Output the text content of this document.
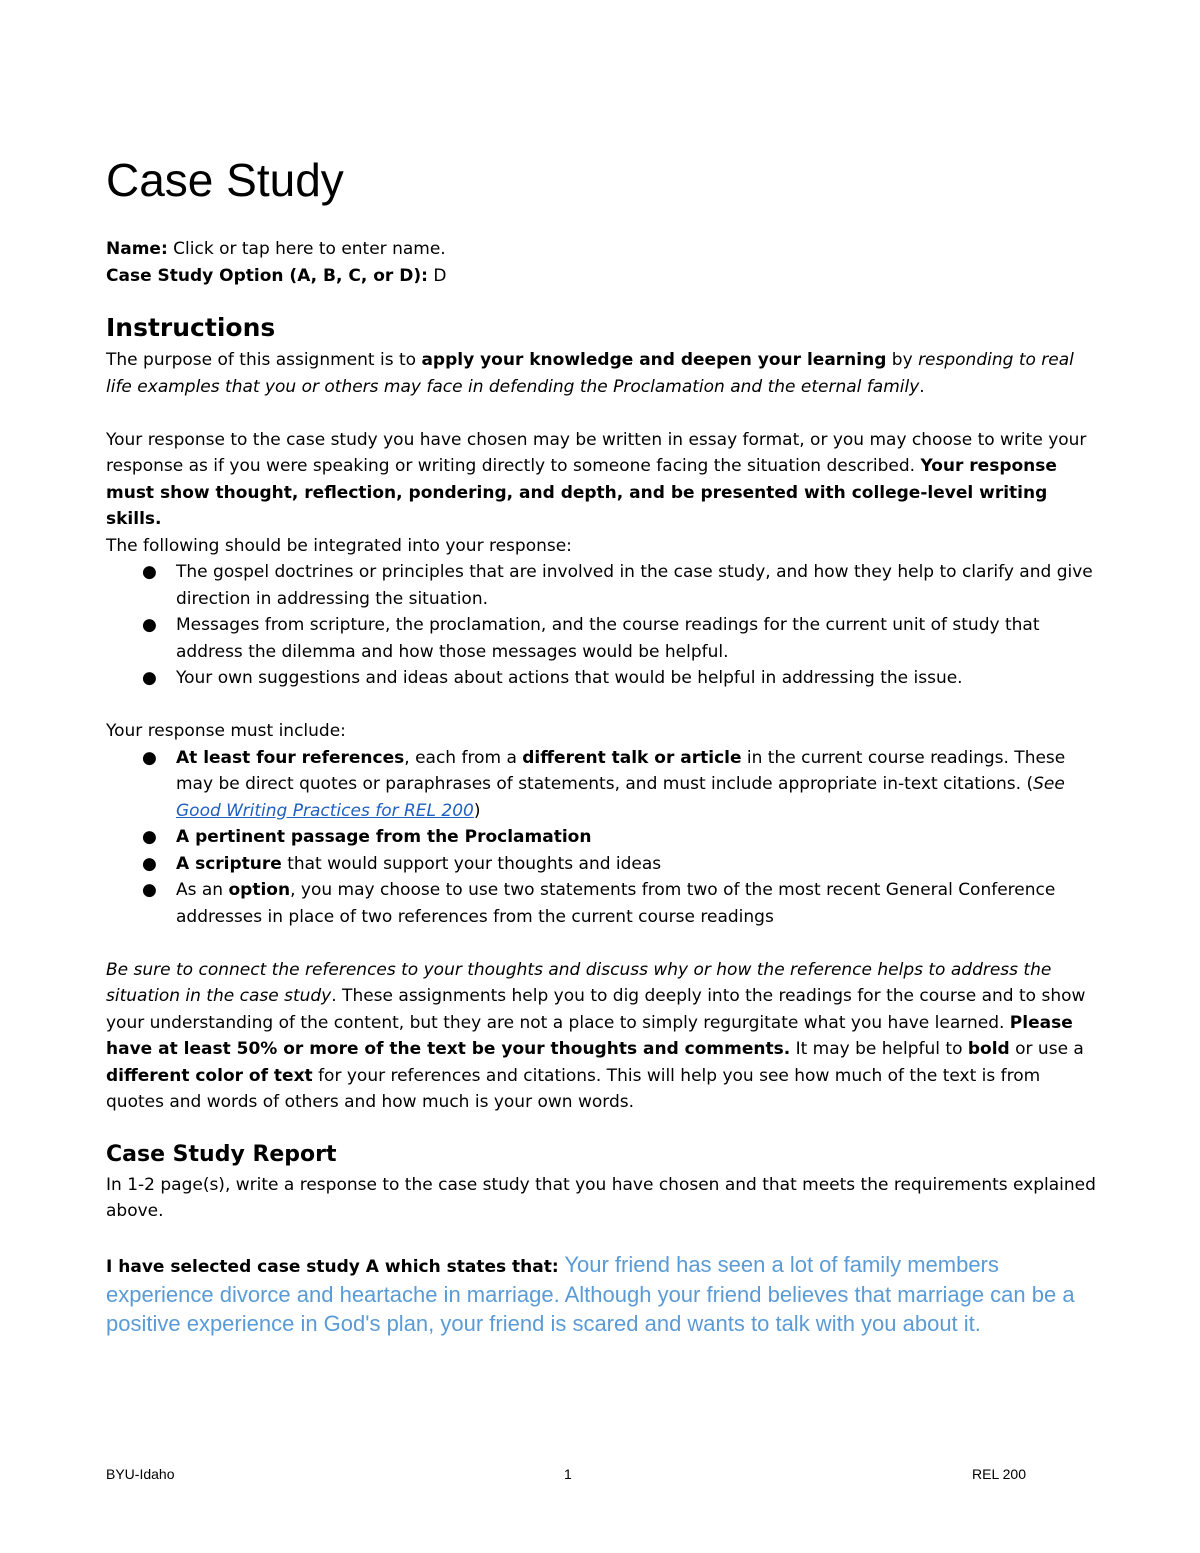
Case Study

Name: Click or tap here to enter name.

Case Study Option (A, B, C, or D): D

Instructions

The purpose of this assignment is to apply your knowledge and deepen your learning by responding to real life examples that you or others may face in defending the Proclamation and the eternal family.

Your response to the case study you have chosen may be written in essay format, or you may choose to write your response as if you were speaking or writing directly to someone facing the situation described. Your response must show thought, reflection, pondering, and depth, and be presented with college-level writing skills.

The following should be integrated into your response:

● The gospel doctrines or principles that are involved in the case study, and how they help to clarify and give direction in addressing the situation.
● Messages from scripture, the proclamation, and the course readings for the current unit of study that address the dilemma and how those messages would be helpful.
● Your own suggestions and ideas about actions that would be helpful in addressing the issue.

Your response must include:

● At least four references, each from a different talk or article in the current course readings. These may be direct quotes or paraphrases of statements, and must include appropriate in-text citations. (See Good Writing Practices for REL 200)
● A pertinent passage from the Proclamation
● A scripture that would support your thoughts and ideas
● As an option, you may choose to use two statements from two of the most recent General Conference addresses in place of two references from the current course readings

Be sure to connect the references to your thoughts and discuss why or how the reference helps to address the situation in the case study. These assignments help you to dig deeply into the readings for the course and to show your understanding of the content, but they are not a place to simply regurgitate what you have learned. Please have at least 50% or more of the text be your thoughts and comments. It may be helpful to bold or use a different color of text for your references and citations. This will help you see how much of the text is from quotes and words of others and how much is your own words.

Case Study Report

In 1-2 page(s), write a response to the case study that you have chosen and that meets the requirements explained above.

I have selected case study A which states that: Your friend has seen a lot of family members experience divorce and heartache in marriage. Although your friend believes that marriage can be a positive experience in God's plan, your friend is scared and wants to talk with you about it.

BYU-Idaho	1	REL 200
